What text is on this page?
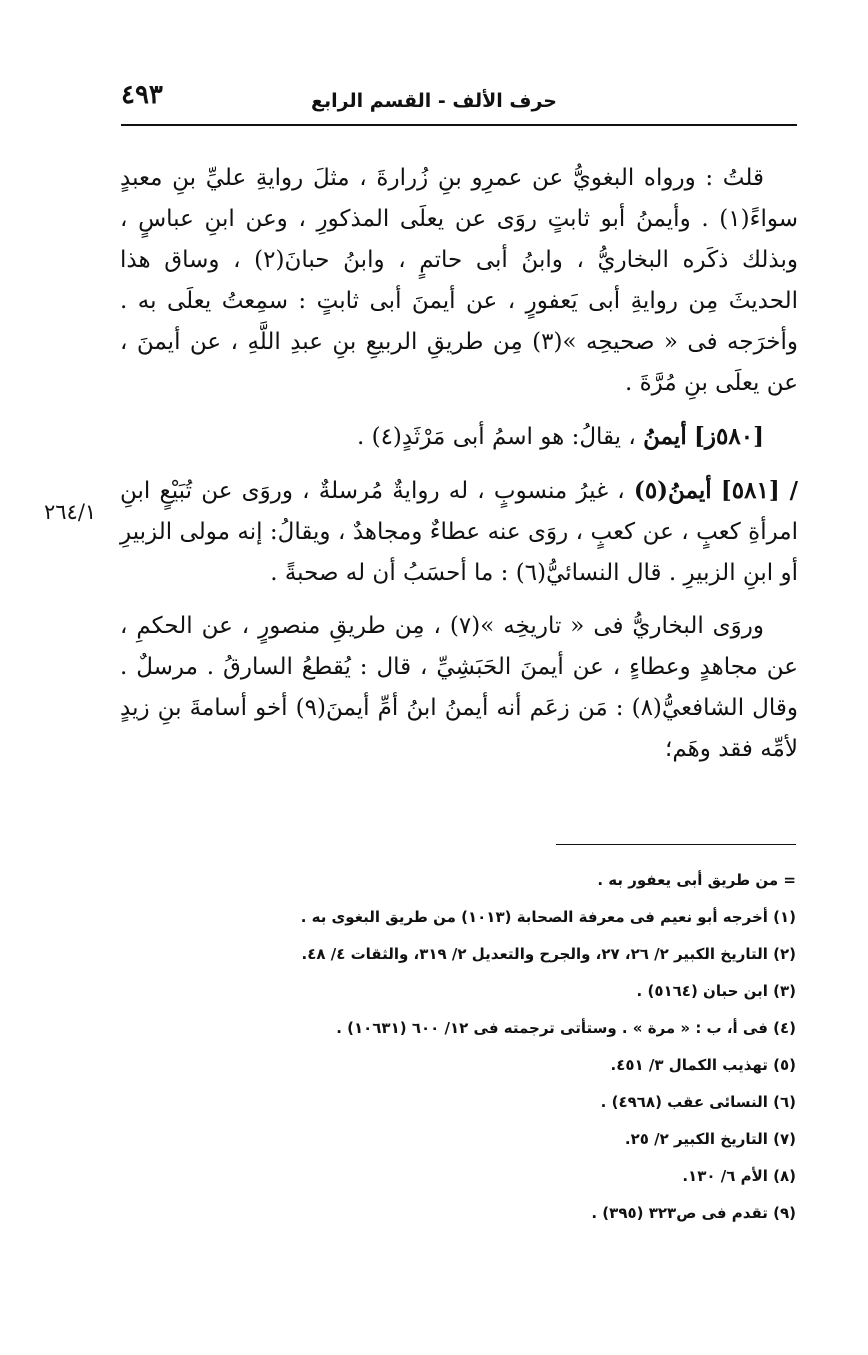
٤٩٣	حرف الألف - القسم الرابع
٢٦٤/١

قلتُ : ورواه البغويُّ عن عمرِو بنِ زُرارةَ ، مثلَ روايةِ عليِّ بنِ معبدٍ سواءً(١) . وأيمنُ أبو ثابتٍ روَى عن يعلَى المذكورِ ، وعن ابنِ عباسٍ ، وبذلك ذكَره البخاريُّ ، وابنُ أبى حاتمٍ ، وابنُ حبانَ(٢) ، وساق هذا الحديثَ مِن روايةِ أبى يَعفورٍ ، عن أيمنَ أبى ثابتٍ : سمِعتُ يعلَى به . وأخرَجه فى « صحيحِه »(٣) مِن طريقِ الربيعِ بنِ عبدِ اللَّهِ ، عن أيمنَ ، عن يعلَى بنِ مُرَّةَ .

[٥٨٠ز] أيمنُ ، يقالُ: هو اسمُ أبى مَرْثَدٍ(٤) .

/ [٥٨١] أيمنُ(٥) ، غيرُ منسوبٍ ، له روايةٌ مُرسلةٌ ، وروَى عن تُبَيْعٍ ابنِ امرأةِ كعبٍ ، عن كعبٍ ، روَى عنه عطاءٌ ومجاهدٌ ، ويقالُ: إنه مولى الزبيرِ أو ابنِ الزبيرِ . قال النسائيُّ(٦) : ما أحسَبُ أن له صحبةً .

وروَى البخاريُّ فى « تاريخِه »(٧) ، مِن طريقِ منصورٍ ، عن الحكمِ ، عن مجاهدٍ وعطاءٍ ، عن أيمنَ الحَبَشِيِّ ، قال : يُقطعُ السارقُ . مرسلٌ . وقال الشافعيُّ(٨) : مَن زعَم أنه أيمنُ ابنُ أمِّ أيمنَ(٩) أخو أسامةَ بنِ زيدٍ لأمِّه فقد وهَم؛

= من طريق أبى يعفور به .
(١) أخرجه أبو نعيم فى معرفة الصحابة (١٠١٣) من طريق البغوى به .
(٢) التاريخ الكبير ٢/ ٢٦، ٢٧، والجرح والتعديل ٢/ ٣١٩، والثقات ٤/ ٤٨.
(٣) ابن حبان (٥١٦٤) .
(٤) فى أ، ب : « مرة » . وستأتى ترجمته فى ١٢/ ٦٠٠ (١٠٦٣١) .
(٥) تهذيب الكمال ٣/ ٤٥١.
(٦) النسائى عقب (٤٩٦٨) .
(٧) التاريخ الكبير ٢/ ٢٥.
(٨) الأم ٦/ ١٣٠.
(٩) تقدم فى ص٣٢٣ (٣٩٥) .
